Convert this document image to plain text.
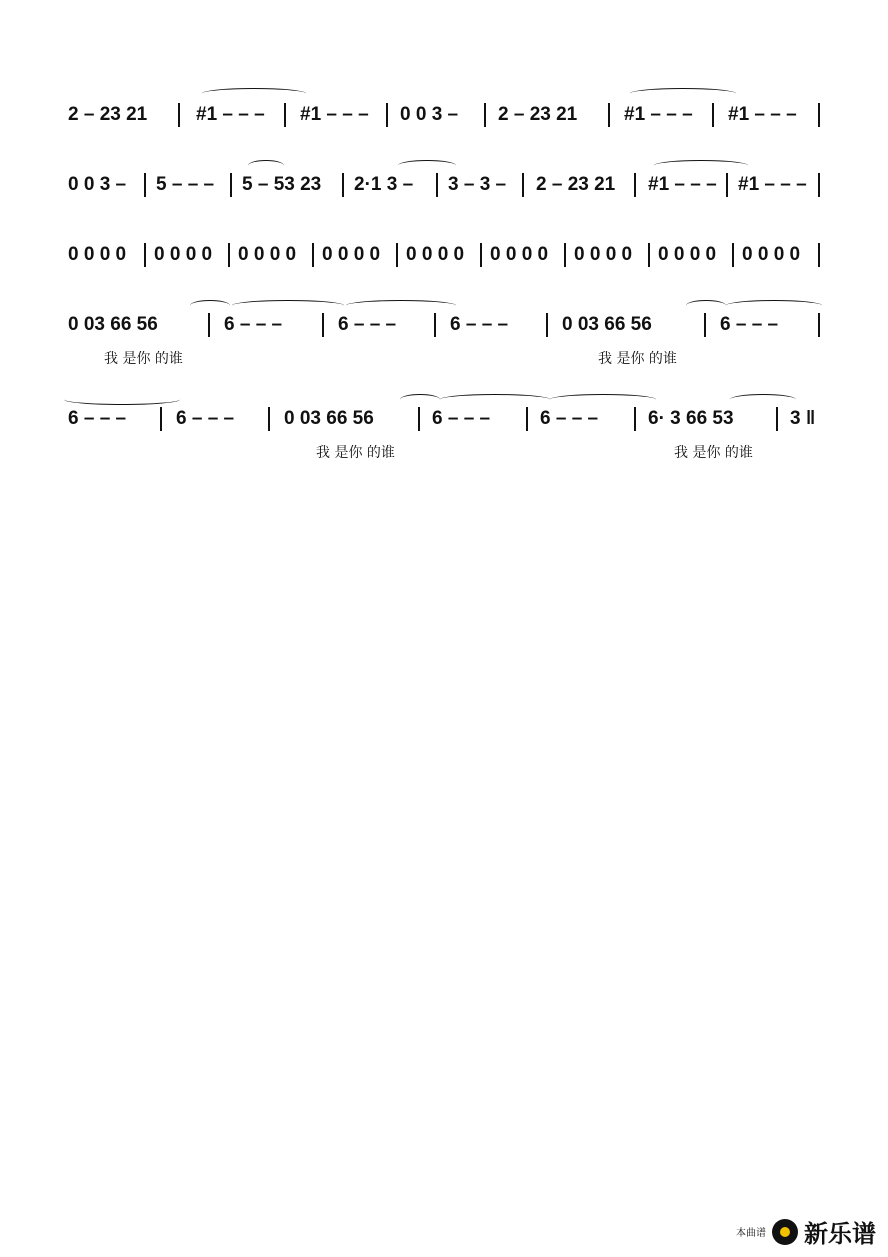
2 – 23 21	#1 – – – #1 – – – 0 0 3 – 2 – 23 21 #1 – – – #1 – – –
0 0 3 – 5 – – – 5 – 53 23 2·1 3 – 3 – 3 – 2 – 23 21 #1 – – – #1 – – –
0 0 0 0 0 0 0 0 0 0 0 0 0 0 0 0 0 0 0 0 0 0 0 0 0 0 0 0 0 0 0 0 0 0 0 0
0 03 66 56	6 – – –	6 – – –	6 – – –	0 03 66 56	6 – – –
我 是你 的谁	我 是你 的谁
6 – – –	6 – – –	0 03 66 56	6 – – –	6 – – –	6· 3 66 53	3 ‖
我 是你 的谁	我 是你 的谁
本曲谱 新乐谱
